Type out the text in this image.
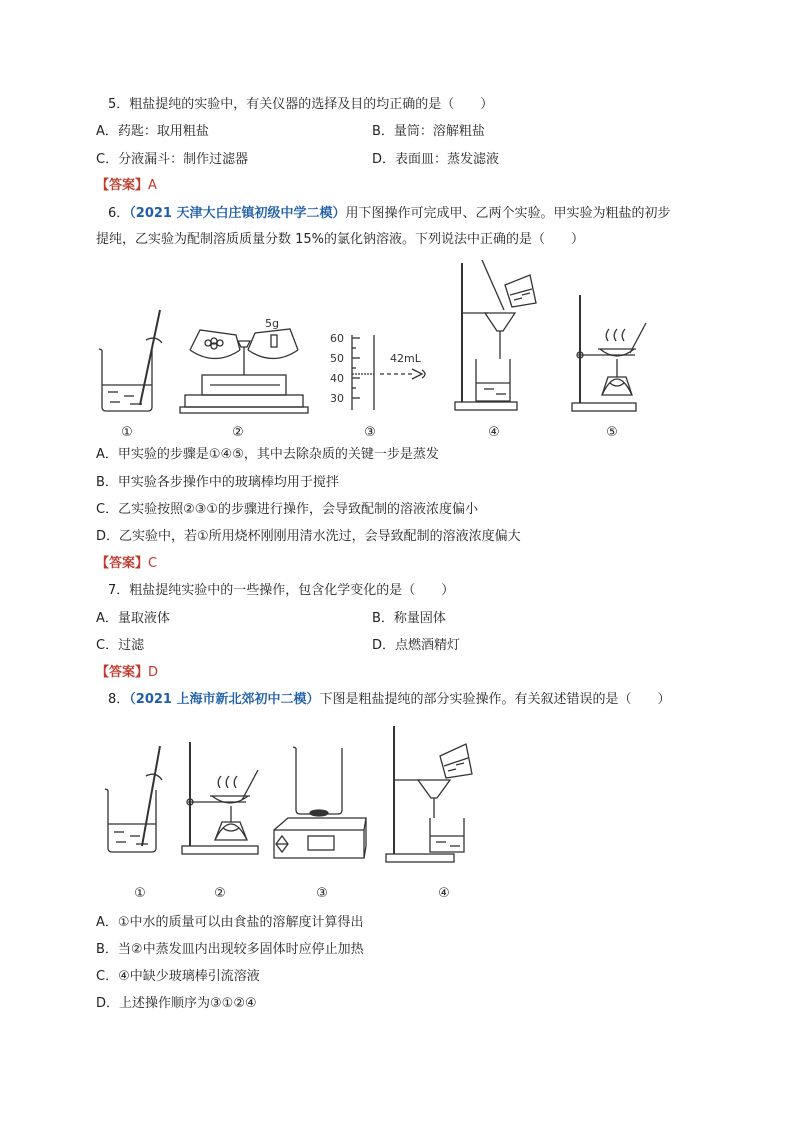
5．粗盐提纯的实验中，有关仪器的选择及目的均正确的是（　　）
A．药匙：取用粗盐	B．量筒：溶解粗盐
C．分液漏斗：制作过滤器	D．表面皿：蒸发滤液
【答案】A
6．（2021 天津大白庄镇初级中学二模）用下图操作可完成甲、乙两个实验。甲实验为粗盐的初步
提纯，乙实验为配制溶质质量分数 15%的氯化钠溶液。下列说法中正确的是（　　）
5g
60
50
40
30
42mL
①	②	③	④	⑤
A．甲实验的步骤是①④⑤，其中去除杂质的关键一步是蒸发
B．甲实验各步操作中的玻璃棒均用于搅拌
C．乙实验按照②③①的步骤进行操作，会导致配制的溶液浓度偏小
D．乙实验中，若①所用烧杯刚刚用清水洗过，会导致配制的溶液浓度偏大
【答案】C
7．粗盐提纯实验中的一些操作，包含化学变化的是（　　）
A．量取液体	B．称量固体
C．过滤	D．点燃酒精灯
【答案】D
8．（2021 上海市新北郊初中二模）下图是粗盐提纯的部分实验操作。有关叙述错误的是（　　）
①	②	③	④
A．①中水的质量可以由食盐的溶解度计算得出
B．当②中蒸发皿内出现较多固体时应停止加热
C．④中缺少玻璃棒引流溶液
D．上述操作顺序为③①②④
